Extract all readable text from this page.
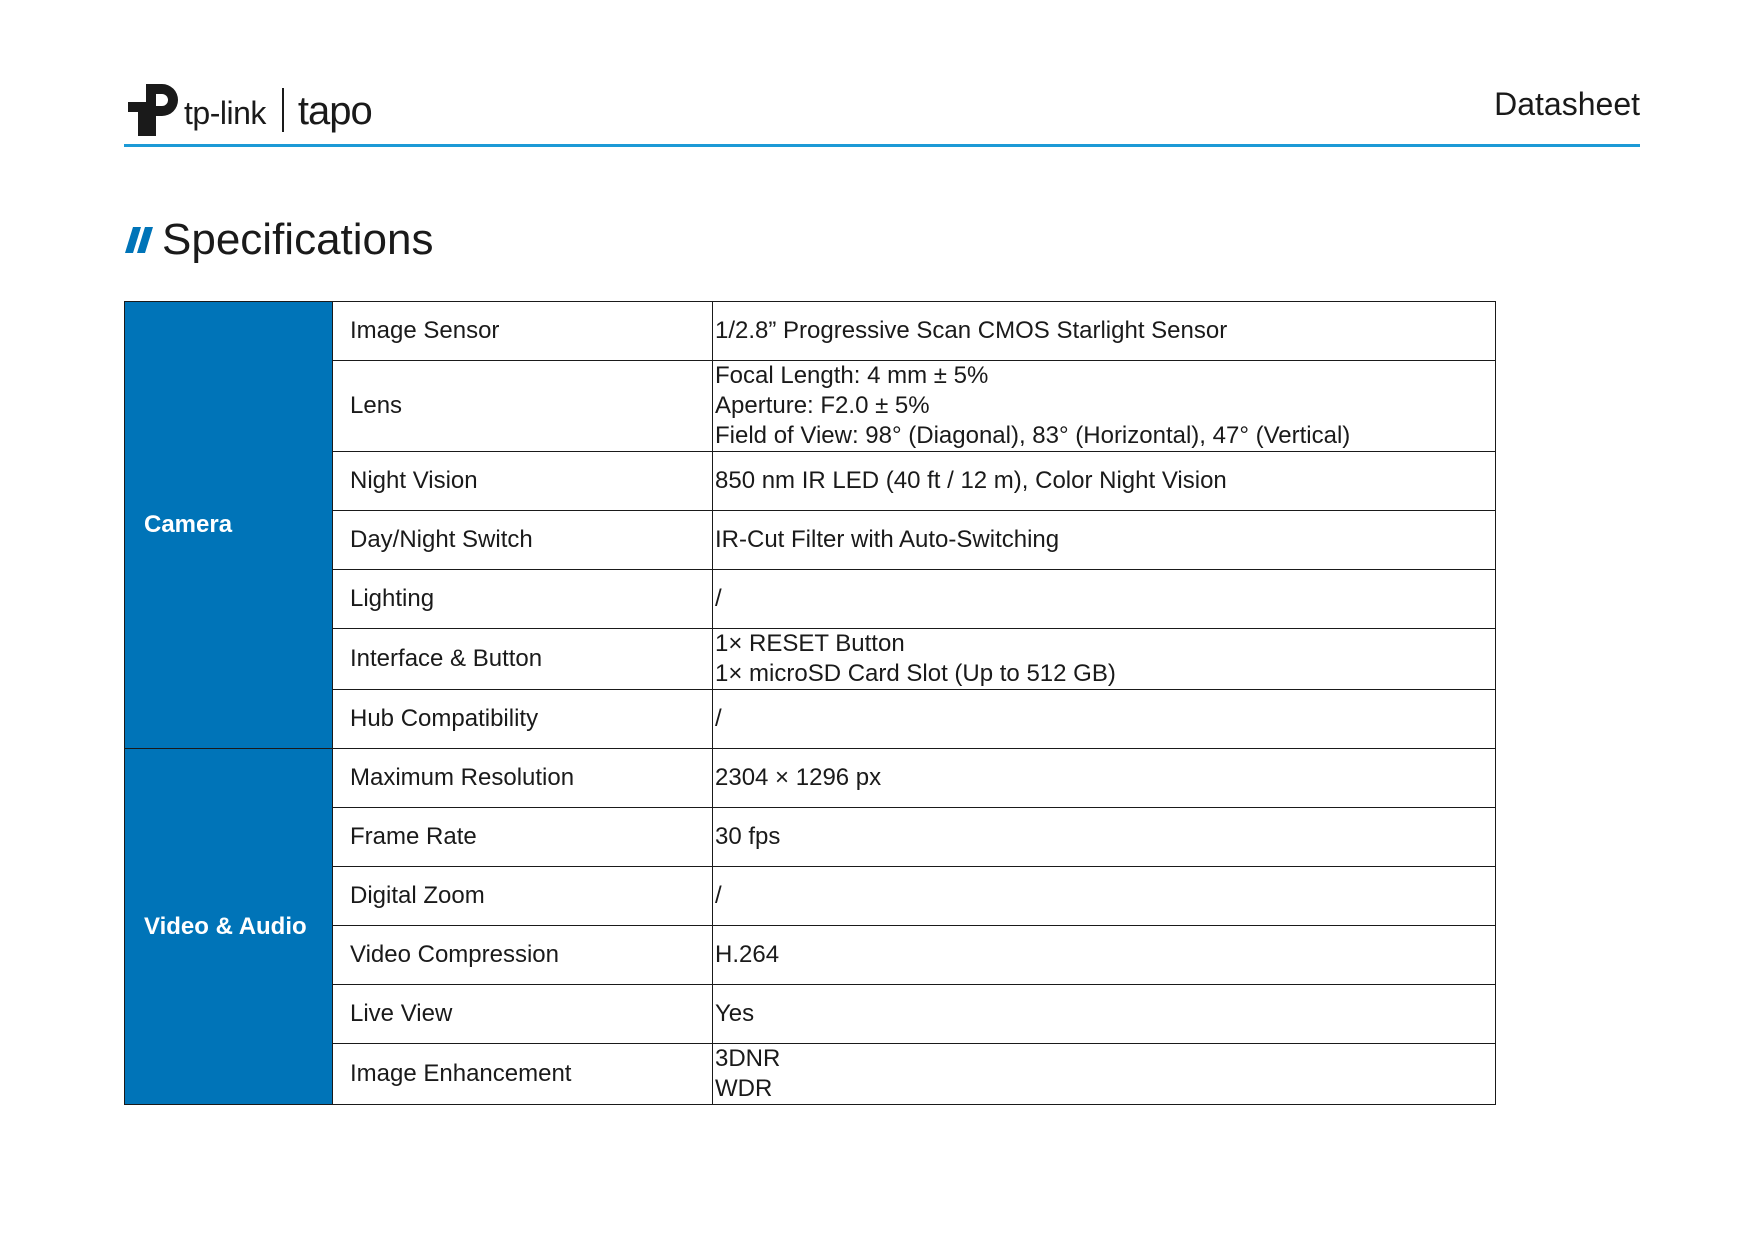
tp-link tapo	Datasheet
Specifications
Camera	Image Sensor	1/2.8” Progressive Scan CMOS Starlight Sensor

	Lens	Focal Length: 4 mm ± 5%
Aperture: F2.0 ± 5%
Field of View: 98° (Diagonal), 83° (Horizontal), 47° (Vertical)

	Night Vision	850 nm IR LED (40 ft / 12 m), Color Night Vision

	Day/Night Switch	IR-Cut Filter with Auto-Switching

	Lighting	/

	Interface & Button	1× RESET Button
1× microSD Card Slot (Up to 512 GB)

	Hub Compatibility	/

Video & Audio	Maximum Resolution	2304 × 1296 px

	Frame Rate	30 fps

	Digital Zoom	/

	Video Compression	H.264

	Live View	Yes

	Image Enhancement	3DNR
WDR
